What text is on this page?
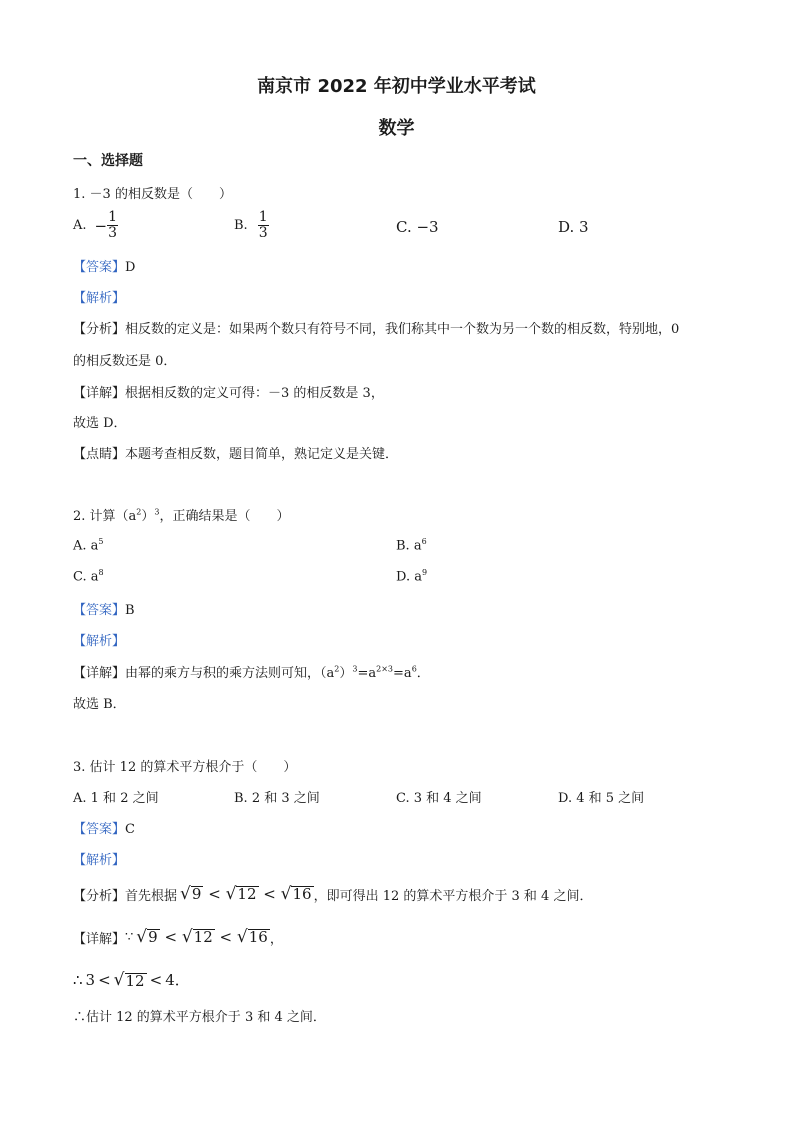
南京市 2022 年初中学业水平考试
数学
一、选择题
1. －3 的相反数是（　　）
A. − $\frac{1}{3}$	B. $\frac{1}{3}$	C. −3	D. 3
【答案】D
【解析】
【分析】相反数的定义是：如果两个数只有符号不同，我们称其中一个数为另一个数的相反数，特别地，0
的相反数还是 0．
【详解】根据相反数的定义可得：－3 的相反数是 3，
故选 D．
【点睛】本题考查相反数，题目简单，熟记定义是关键．
2. 计算$(a^2)^3$，正确结果是（　　）
A. $a^5$	B. $a^6$
C. $a^8$	D. $a^9$
【答案】B
【解析】
【详解】由幂的乘方与积的乘方法则可知，$(a^2)^3=a^{2\times 3}=a^6$．
故选 B．
3. 估计 12 的算术平方根介于（　　）
A. 1 和 2 之间	B. 2 和 3 之间	C. 3 和 4 之间	D. 4 和 5 之间
【答案】C
【解析】
【分析】 首先根据 √9 < √12 < √16 ，即可得出 12 的算术平方根介于 3 和 4 之间．
【详解】 ∵ √9 < √12 < √16 ，
∴ 3 < √ 12 < 4 ．
∴估计 12 的算术平方根介于 3 和 4 之间．
